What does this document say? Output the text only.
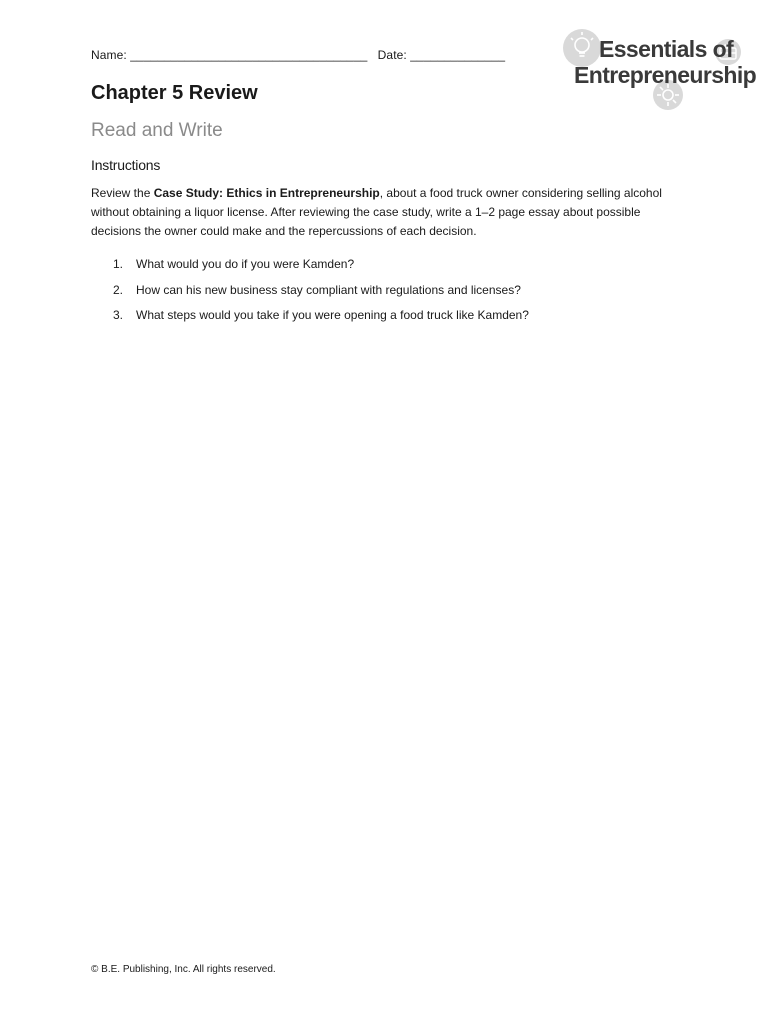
Name: ___________________________________   Date: ______________	Essentials of
Entrepreneurship
Chapter 5 Review
Read and Write
Instructions
Review the Case Study: Ethics in Entrepreneurship, about a food truck owner considering selling alcohol without obtaining a liquor license. After reviewing the case study, write a 1–2 page essay about possible decisions the owner could make and the repercussions of each decision.
1.	What would you do if you were Kamden?
2.	How can his new business stay compliant with regulations and licenses?
3.	What steps would you take if you were opening a food truck like Kamden?
© B.E. Publishing, Inc. All rights reserved.
